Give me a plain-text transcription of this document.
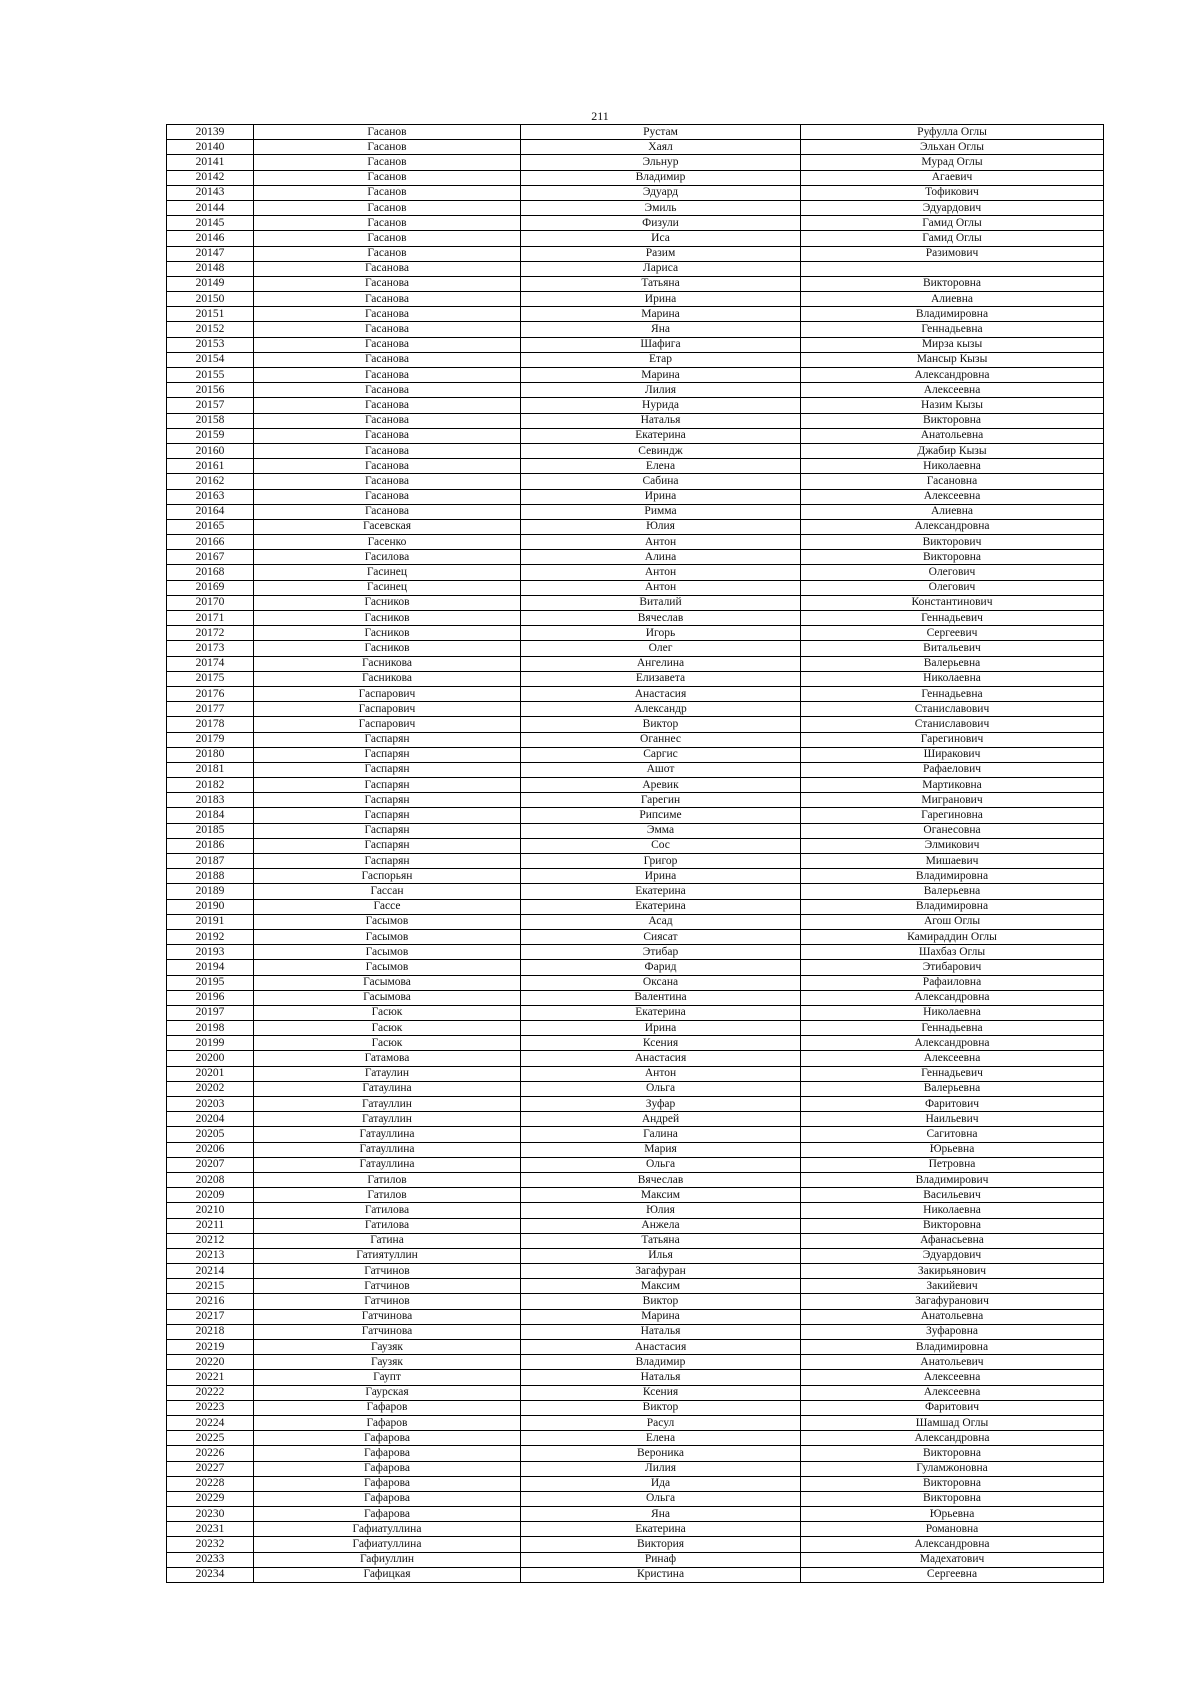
211
20139	Гасанов	Рустам	Руфулла Оглы
20140	Гасанов	Хаял	Эльхан Оглы
20141	Гасанов	Эльнур	Мурад Оглы
20142	Гасанов	Владимир	Агаевич
20143	Гасанов	Эдуард	Тофикович
20144	Гасанов	Эмиль	Эдуардович
20145	Гасанов	Физули	Гамид Оглы
20146	Гасанов	Иса	Гамид Оглы
20147	Гасанов	Разим	Разимович
20148	Гасанова	Лариса	
20149	Гасанова	Татьяна	Викторовна
20150	Гасанова	Ирина	Алиевна
20151	Гасанова	Марина	Владимировна
20152	Гасанова	Яна	Геннадьевна
20153	Гасанова	Шафига	Мирза кызы
20154	Гасанова	Етар	Мансыр Кызы
20155	Гасанова	Марина	Александровна
20156	Гасанова	Лилия	Алексеевна
20157	Гасанова	Нурида	Назим Кызы
20158	Гасанова	Наталья	Викторовна
20159	Гасанова	Екатерина	Анатольевна
20160	Гасанова	Севиндж	Джабир Кызы
20161	Гасанова	Елена	Николаевна
20162	Гасанова	Сабина	Гасановна
20163	Гасанова	Ирина	Алексеевна
20164	Гасанова	Римма	Алиевна
20165	Гасевская	Юлия	Александровна
20166	Гасенко	Антон	Викторович
20167	Гасилова	Алина	Викторовна
20168	Гасинец	Антон	Олегович
20169	Гасинец	Антон	Олегович
20170	Гасников	Виталий	Константинович
20171	Гасников	Вячеслав	Геннадьевич
20172	Гасников	Игорь	Сергеевич
20173	Гасников	Олег	Витальевич
20174	Гасникова	Ангелина	Валерьевна
20175	Гасникова	Елизавета	Николаевна
20176	Гаспарович	Анастасия	Геннадьевна
20177	Гаспарович	Александр	Станиславович
20178	Гаспарович	Виктор	Станиславович
20179	Гаспарян	Оганнес	Гарегинович
20180	Гаспарян	Саргис	Ширакович
20181	Гаспарян	Ашот	Рафаелович
20182	Гаспарян	Аревик	Мартиковна
20183	Гаспарян	Гарегин	Мигранович
20184	Гаспарян	Рипсиме	Гарегиновна
20185	Гаспарян	Эмма	Оганесовна
20186	Гаспарян	Сос	Элмикович
20187	Гаспарян	Григор	Мишаевич
20188	Гаспорьян	Ирина	Владимировна
20189	Гассан	Екатерина	Валерьевна
20190	Гассе	Екатерина	Владимировна
20191	Гасымов	Асад	Агош Оглы
20192	Гасымов	Сиясат	Камираддин Оглы
20193	Гасымов	Этибар	Шахбаз Оглы
20194	Гасымов	Фарид	Этибарович
20195	Гасымова	Оксана	Рафаиловна
20196	Гасымова	Валентина	Александровна
20197	Гасюк	Екатерина	Николаевна
20198	Гасюк	Ирина	Геннадьевна
20199	Гасюк	Ксения	Александровна
20200	Гатамова	Анастасия	Алексеевна
20201	Гатаулин	Антон	Геннадьевич
20202	Гатаулина	Ольга	Валерьевна
20203	Гатауллин	Зуфар	Фаритович
20204	Гатауллин	Андрей	Наильевич
20205	Гатауллина	Галина	Сагитовна
20206	Гатауллина	Мария	Юрьевна
20207	Гатауллина	Ольга	Петровна
20208	Гатилов	Вячеслав	Владимирович
20209	Гатилов	Максим	Васильевич
20210	Гатилова	Юлия	Николаевна
20211	Гатилова	Анжела	Викторовна
20212	Гатина	Татьяна	Афанасьевна
20213	Гатиятуллин	Илья	Эдуардович
20214	Гатчинов	Загафуран	Закирьянович
20215	Гатчинов	Максим	Закийевич
20216	Гатчинов	Виктор	Загафуранович
20217	Гатчинова	Марина	Анатольевна
20218	Гатчинова	Наталья	Зуфаровна
20219	Гаузяк	Анастасия	Владимировна
20220	Гаузяк	Владимир	Анатольевич
20221	Гаупт	Наталья	Алексеевна
20222	Гаурская	Ксения	Алексеевна
20223	Гафаров	Виктор	Фаритович
20224	Гафаров	Расул	Шамшад Оглы
20225	Гафарова	Елена	Александровна
20226	Гафарова	Вероника	Викторовна
20227	Гафарова	Лилия	Гуламжоновна
20228	Гафарова	Ида	Викторовна
20229	Гафарова	Ольга	Викторовна
20230	Гафарова	Яна	Юрьевна
20231	Гафиатуллина	Екатерина	Романовна
20232	Гафиатуллина	Виктория	Александровна
20233	Гафиуллин	Ринаф	Мадехатович
20234	Гафицкая	Кристина	Сергеевна
